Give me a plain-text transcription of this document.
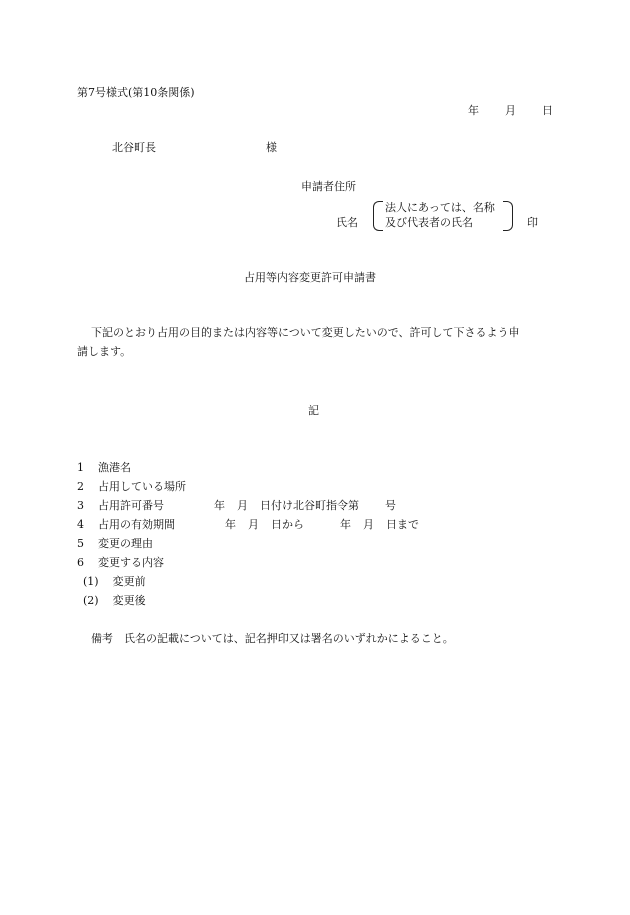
第7号様式(第10条関係)
年 月 日
北谷町長	様
申請者住所
氏名
法人にあっては、名称
及び代表者の氏名	印
占用等内容変更許可申請書
下記のとおり占用の目的または内容等について変更したいので、許可して下さるよう申
請します。
記
1 漁港名
2 占用している場所
3 占用許可番号	年 月 日付け北谷町指令第 号
4 占用の有効期間	年 月 日から	年 月 日まで
5 変更の理由
6 変更する内容
(1) 変更前
(2) 変更後
備考 氏名の記載については、記名押印又は署名のいずれかによること。
